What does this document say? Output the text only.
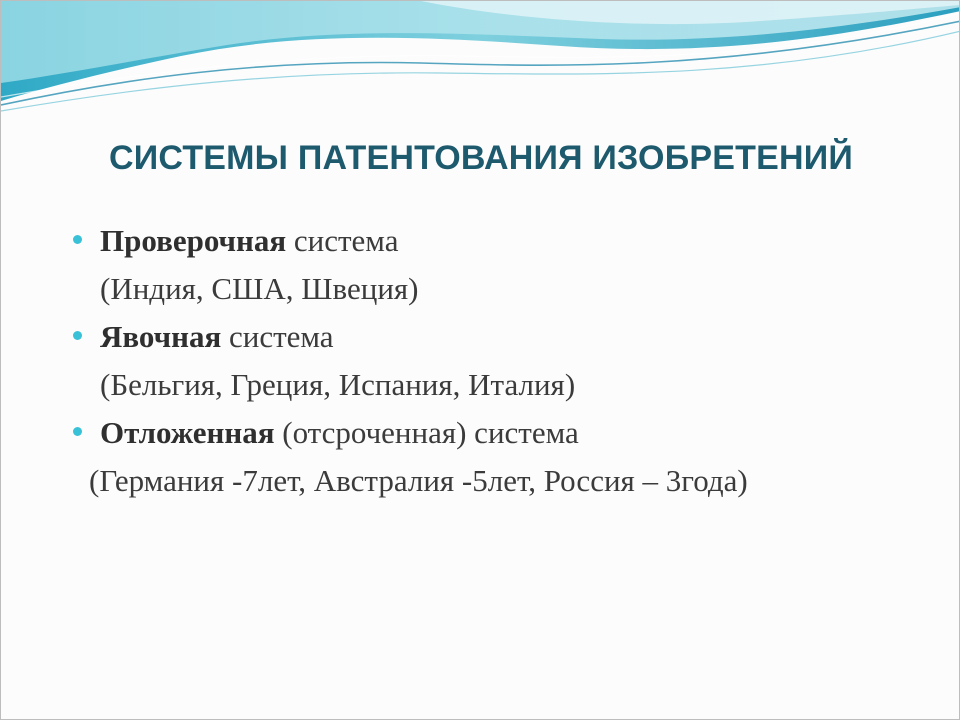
СИСТЕМЫ ПАТЕНТОВАНИЯ ИЗОБРЕТЕНИЙ
Проверочная система
(Индия, США, Швеция)
Явочная система
(Бельгия, Греция, Испания, Италия)
Отложенная (отсроченная) система
(Германия -7лет, Австралия -5лет, Россия – 3года)
